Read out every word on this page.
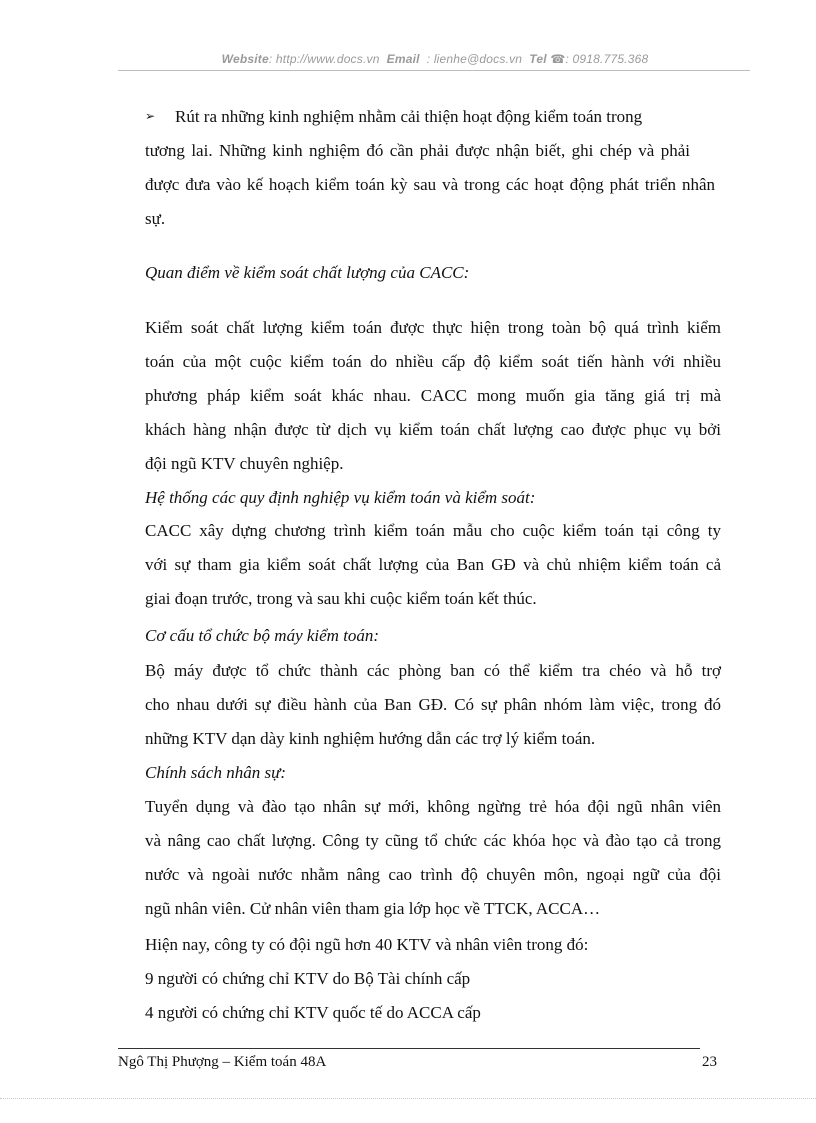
Website: http://www.docs.vn Email : lienhe@docs.vn Tel ☎: 0918.775.368
➢ Rút ra những kinh nghiệm nhằm cải thiện hoạt động kiểm toán trong
tương lai. Những kinh nghiệm đó cần phải được nhận biết, ghi chép và phải
được đưa vào kế hoạch kiểm toán kỳ sau và trong các hoạt động phát triển nhân
sự.
Quan điểm về kiểm soát chất lượng của CACC:
Kiểm soát chất lượng kiểm toán được thực hiện trong toàn bộ quá trình kiểm
toán của một cuộc kiểm toán do nhiều cấp độ kiểm soát tiến hành với nhiều
phương pháp kiểm soát khác nhau. CACC mong muốn gia tăng giá trị mà
khách hàng nhận được từ dịch vụ kiểm toán chất lượng cao được phục vụ bởi
đội ngũ KTV chuyên nghiệp.
Hệ thống các quy định nghiệp vụ kiểm toán và kiểm soát:
CACC xây dựng chương trình kiểm toán mẫu cho cuộc kiểm toán tại công ty
với sự tham gia kiểm soát chất lượng của Ban GĐ và chủ nhiệm kiểm toán cả
giai đoạn trước, trong và sau khi cuộc kiểm toán kết thúc.
Cơ cấu tổ chức bộ máy kiểm toán:
Bộ máy được tổ chức thành các phòng ban có thể kiểm tra chéo và hỗ trợ
cho nhau dưới sự điều hành của Ban GĐ. Có sự phân nhóm làm việc, trong đó
những KTV dạn dày kinh nghiệm hướng dẫn các trợ lý kiểm toán.
Chính sách nhân sự:
Tuyển dụng và đào tạo nhân sự mới, không ngừng trẻ hóa đội ngũ nhân viên
và nâng cao chất lượng. Công ty cũng tổ chức các khóa học và đào tạo cả trong
nước và ngoài nước nhằm nâng cao trình độ chuyên môn, ngoại ngữ của đội
ngũ nhân viên. Cử nhân viên tham gia lớp học về TTCK, ACCA…
Hiện nay, công ty có đội ngũ hơn 40 KTV và nhân viên trong đó:
9 người có chứng chỉ KTV do Bộ Tài chính cấp
4 người có chứng chỉ KTV quốc tế do ACCA cấp
Ngô Thị Phượng – Kiểm toán 48A	23
